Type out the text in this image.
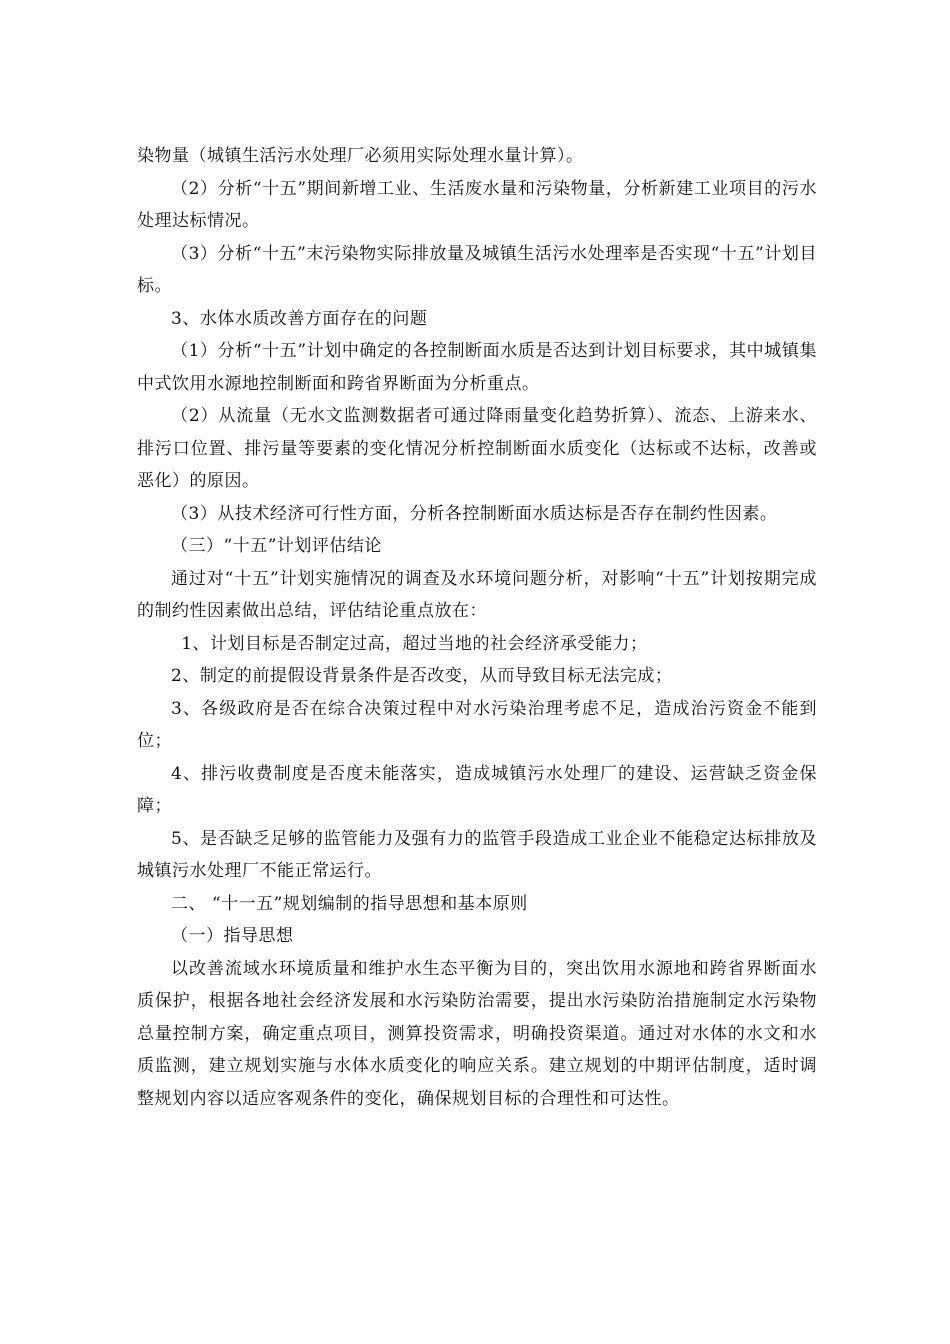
染物量（城镇生活污水处理厂必须用实际处理水量计算）。

（2）分析“十五”期间新增工业、生活废水量和污染物量，分析新建工业项目的污水处理达标情况。

（3）分析“十五”末污染物实际排放量及城镇生活污水处理率是否实现“十五”计划目标。

3、水体水质改善方面存在的问题

（1）分析“十五”计划中确定的各控制断面水质是否达到计划目标要求，其中城镇集中式饮用水源地控制断面和跨省界断面为分析重点。

（2）从流量（无水文监测数据者可通过降雨量变化趋势折算）、流态、上游来水、排污口位置、排污量等要素的变化情况分析控制断面水质变化（达标或不达标，改善或恶化）的原因。

（3）从技术经济可行性方面，分析各控制断面水质达标是否存在制约性因素。

（三）“十五”计划评估结论

通过对“十五”计划实施情况的调查及水环境问题分析，对影响“十五”计划按期完成的制约性因素做出总结，评估结论重点放在：

1、计划目标是否制定过高，超过当地的社会经济承受能力；

2、制定的前提假设背景条件是否改变，从而导致目标无法完成；

3、各级政府是否在综合决策过程中对水污染治理考虑不足，造成治污资金不能到位；

4、排污收费制度是否度未能落实，造成城镇污水处理厂的建设、运营缺乏资金保障；

5、是否缺乏足够的监管能力及强有力的监管手段造成工业企业不能稳定达标排放及城镇污水处理厂不能正常运行。

二、 “十一五”规划编制的指导思想和基本原则

（一）指导思想

以改善流域水环境质量和维护水生态平衡为目的，突出饮用水源地和跨省界断面水质保护，根据各地社会经济发展和水污染防治需要，提出水污染防治措施制定水污染物总量控制方案，确定重点项目，测算投资需求，明确投资渠道。通过对水体的水文和水质监测，建立规划实施与水体水质变化的响应关系。建立规划的中期评估制度，适时调整规划内容以适应客观条件的变化，确保规划目标的合理性和可达性。
